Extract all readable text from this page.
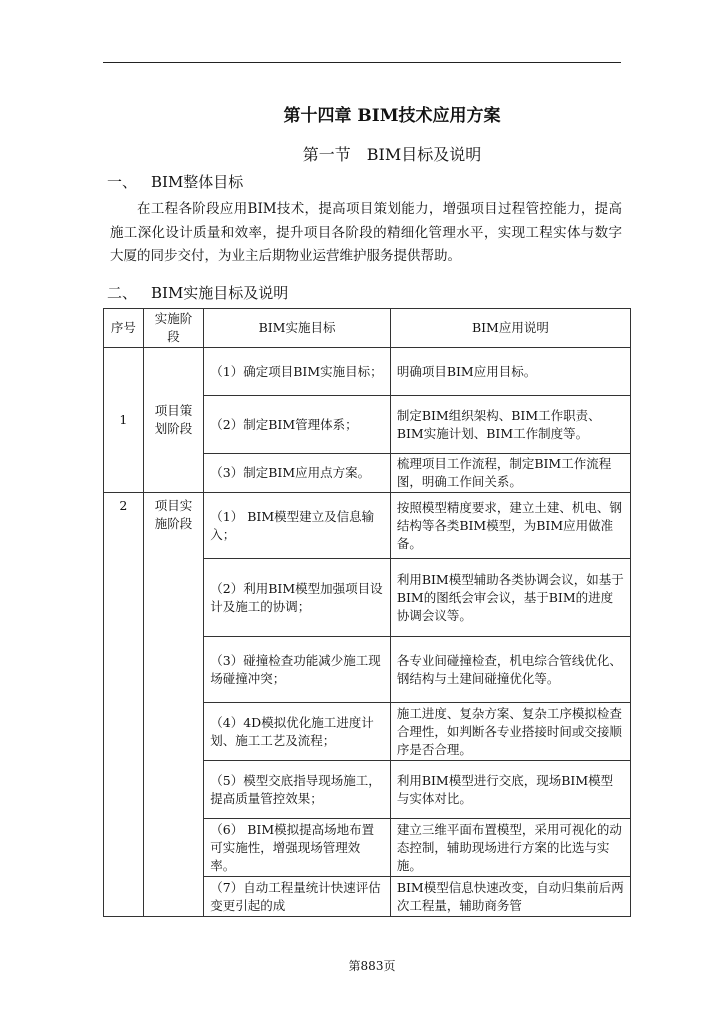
第十四章 BIM技术应用方案
第一节　BIM目标及说明
一、 BIM整体目标
在工程各阶段应用BIM技术，提高项目策划能力，增强项目过程管控能力，提高施工深化设计质量和效率，提升项目各阶段的精细化管理水平，实现工程实体与数字大厦的同步交付，为业主后期物业运营维护服务提供帮助。
二、 BIM实施目标及说明
序号	实施阶段	BIM实施目标	BIM应用说明
1	项目策划阶段	（1）确定项目BIM实施目标；	明确项目BIM应用目标。
		（2）制定BIM管理体系；	制定BIM组织架构、BIM工作职责、BIM实施计划、BIM工作制度等。
		（3）制定BIM应用点方案。	梳理项目工作流程，制定BIM工作流程图，明确工作间关系。
2	项目实施阶段	（1） BIM模型建立及信息输入；	按照模型精度要求，建立土建、机电、钢结构等各类BIM模型，为BIM应用做准备。
		（2）利用BIM模型加强项目设计及施工的协调；	利用BIM模型辅助各类协调会议，如基于BIM的图纸会审会议，基于BIM的进度协调会议等。
		（3）碰撞检查功能减少施工现场碰撞冲突；	各专业间碰撞检查，机电综合管线优化、钢结构与土建间碰撞优化等。
		（4）4D模拟优化施工进度计划、施工工艺及流程；	施工进度、复杂方案、复杂工序模拟检查合理性，如判断各专业搭接时间或交接顺序是否合理。
		（5）模型交底指导现场施工，提高质量管控效果；	利用BIM模型进行交底，现场BIM模型与实体对比。
		（6） BIM模拟提高场地布置可实施性，增强现场管理效率。	建立三维平面布置模型，采用可视化的动态控制，辅助现场进行方案的比选与实施。
		（7）自动工程量统计快速评估变更引起的成	BIM模型信息快速改变，自动归集前后两次工程量，辅助商务管
第883页
